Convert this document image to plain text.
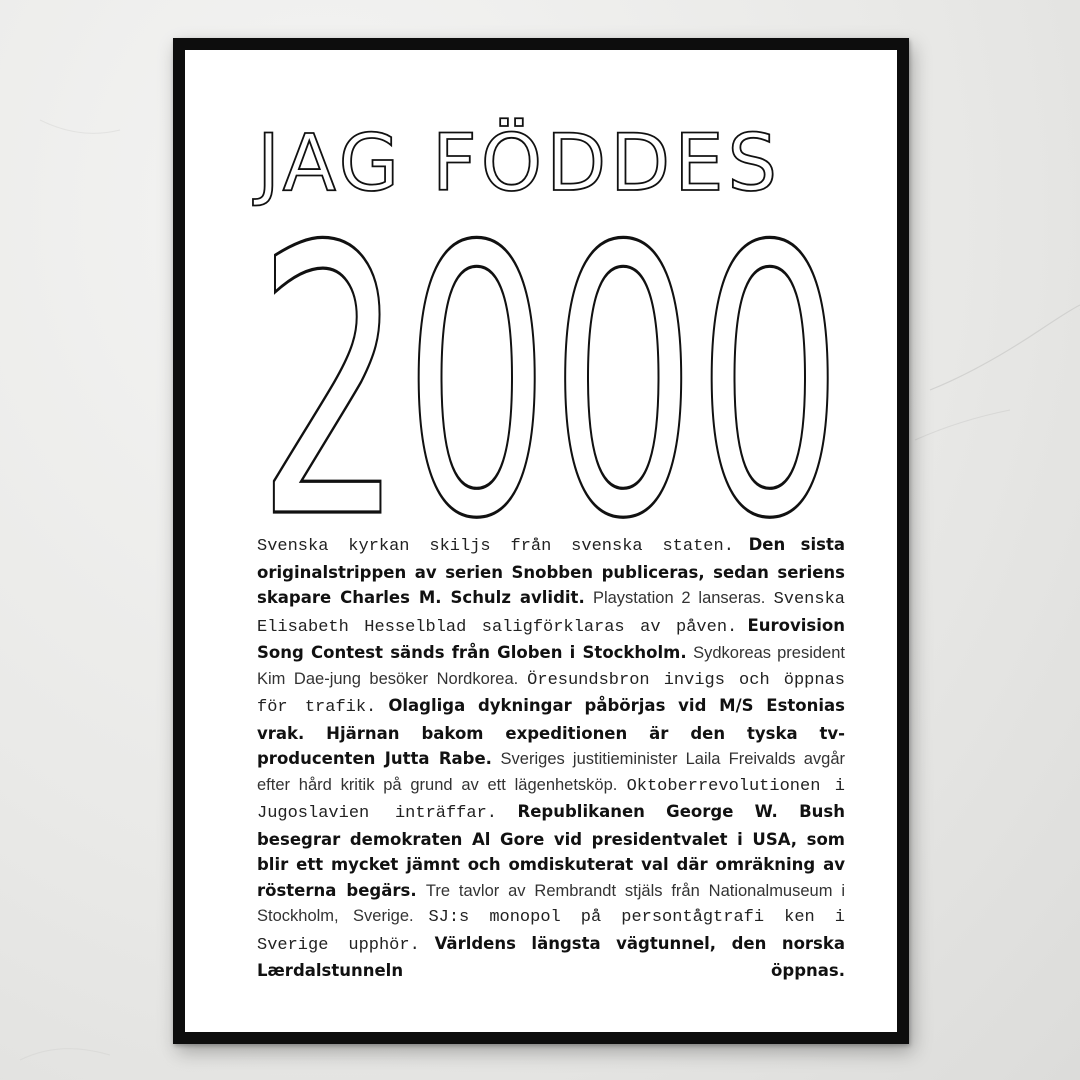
JAG FÖDDES
2000

Svenska kyrkan skiljs från svenska staten. Den sista originalstrippen av serien Snobben publiceras, sedan seriens skapare Charles M. Schulz avlidit. Playstation 2 lanseras. Svenska Elisabeth Hesselblad saligförklaras av påven. Eurovision Song Contest sänds från Globen i Stockholm. Sydkoreas president Kim Dae-jung besöker Nordkorea. Öresundsbron invigs och öppnas för trafik. Olagliga dykningar påbörjas vid M/S Estonias vrak. Hjärnan bakom expeditionen är den tyska tv-producenten Jutta Rabe. Sveriges justitieminister Laila Freivalds avgår efter hård kritik på grund av ett lägenhetsköp. Oktoberrevolutionen i Jugoslavien inträffar. Republikanen George W. Bush besegrar demokraten Al Gore vid presidentvalet i USA, som blir ett mycket jämnt och omdiskuterat val där omräkning av rösterna begärs. Tre tavlor av Rembrandt stjäls från Nationalmuseum i Stockholm, Sverige. SJ:s monopol på persontågtrafi ken i Sverige upphör. Världens längsta vägtunnel, den norska Lærdalstunneln öppnas.
